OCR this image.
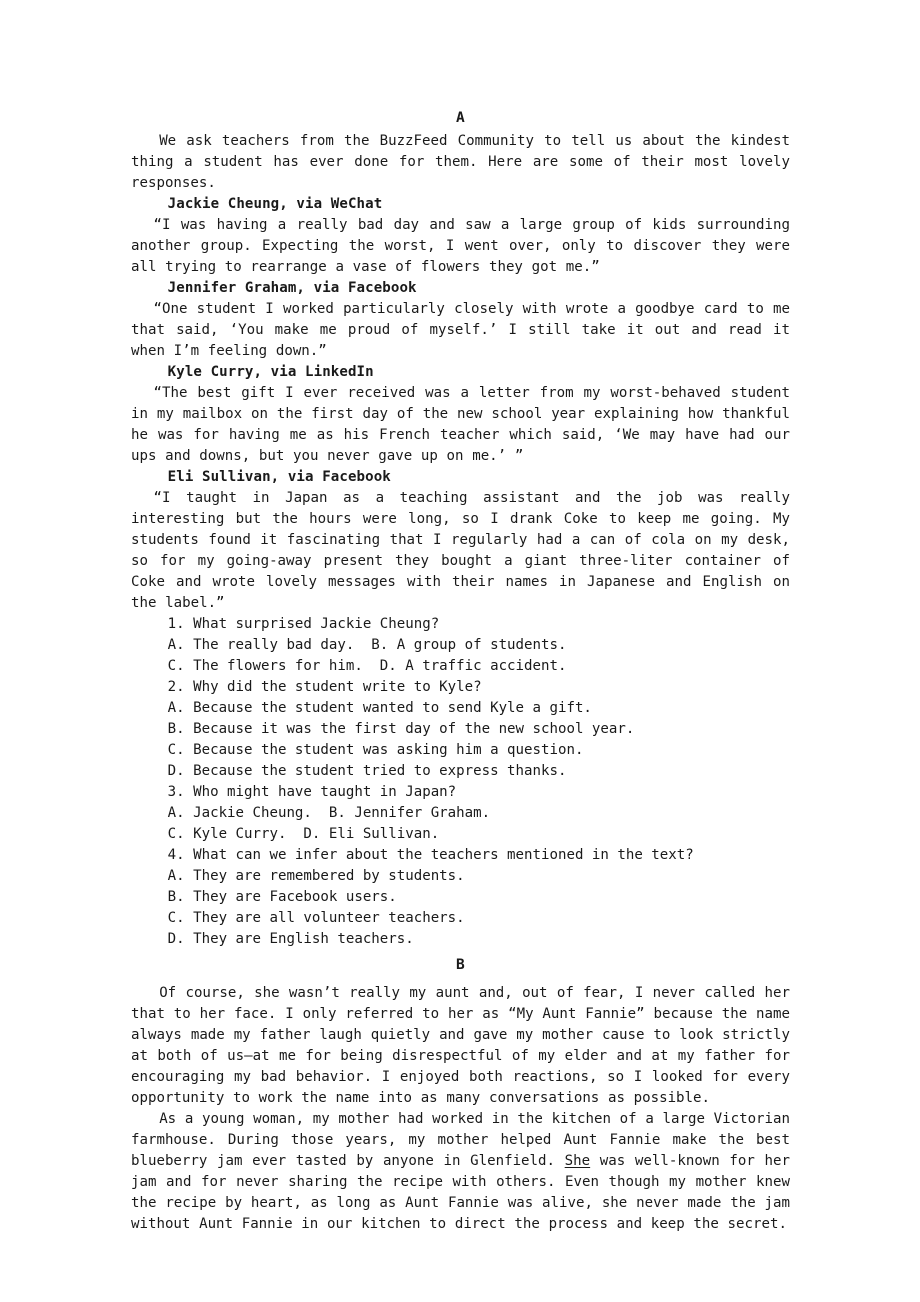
A

We ask teachers from the BuzzFeed Community to tell us about the kindest thing a student has ever done for them. Here are some of their most lovely responses.

Jackie Cheung, via WeChat

“I was having a really bad day and saw a large group of kids surrounding another group. Expecting the worst, I went over, only to discover they were all trying to rearrange a vase of flowers they got me.”

Jennifer Graham, via Facebook

“One student I worked particularly closely with wrote a goodbye card to me that said, ‘You make me proud of myself.’ I still take it out and read it when I’m feeling down.”

Kyle Curry, via LinkedIn

“The best gift I ever received was a letter from my worst-behaved student in my mailbox on the first day of the new school year explaining how thankful he was for having me as his French teacher which said, ‘We may have had our ups and downs, but you never gave up on me.’ ”

Eli Sullivan, via Facebook

“I taught in Japan as a teaching assistant and the job was really interesting but the hours were long, so I drank Coke to keep me going. My students found it fascinating that I regularly had a can of cola on my desk, so for my going-away present they bought a giant three-liter container of Coke and wrote lovely messages with their names in Japanese and English on the label.”

1. What surprised Jackie Cheung?

A. The really bad day.  B. A group of students.

C. The flowers for him.  D. A traffic accident.

2. Why did the student write to Kyle?

A. Because the student wanted to send Kyle a gift.

B. Because it was the first day of the new school year.

C. Because the student was asking him a question.

D. Because the student tried to express thanks.

3. Who might have taught in Japan?

A. Jackie Cheung.  B. Jennifer Graham.

C. Kyle Curry.  D. Eli Sullivan.

4. What can we infer about the teachers mentioned in the text?

A. They are remembered by students.

B. They are Facebook users.

C. They are all volunteer teachers.

D. They are English teachers.

B

Of course, she wasn’t really my aunt and, out of fear, I never called her that to her face. I only referred to her as “My Aunt Fannie” because the name always made my father laugh quietly and gave my mother cause to look strictly at both of us—at me for being disrespectful of my elder and at my father for encouraging my bad behavior. I enjoyed both reactions, so I looked for every opportunity to work the name into as many conversations as possible.

As a young woman, my mother had worked in the kitchen of a large Victorian farmhouse. During those years, my mother helped Aunt Fannie make the best blueberry jam ever tasted by anyone in Glenfield. She was well-known for her jam and for never sharing the recipe with others. Even though my mother knew the recipe by heart, as long as Aunt Fannie was alive, she never made the jam without Aunt Fannie in our kitchen to direct the process and keep the secret.
